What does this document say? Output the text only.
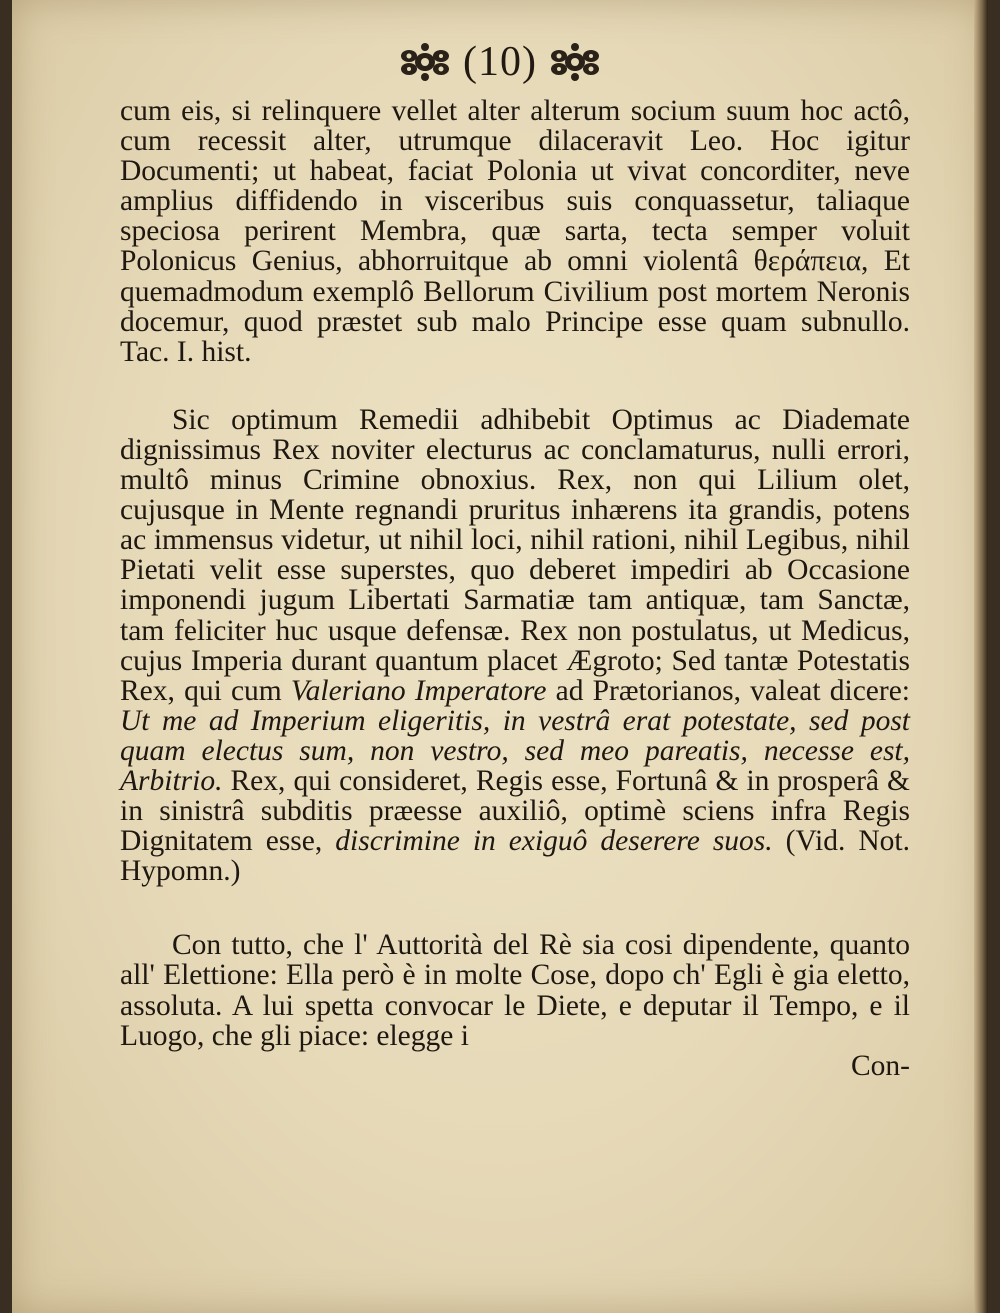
(10)

cum eis, si relinquere vellet alter alterum socium suum hoc actô, cum recessit alter, utrumque dilaceravit Leo. Hoc igitur Documenti; ut habeat, faciat Polonia ut vivat concorditer, neve amplius diffidendo in visceribus suis conquassetur, taliaque speciosa perirent Membra, quæ sarta, tecta semper voluit Polonicus Genius, abhorruitque ab omni violentâ θεράπεια, Et quemadmodum exemplô Bellorum Civilium post mortem Neronis docemur, quod præstet sub malo Principe esse quam subnullo. Tac. I. hist.

Sic optimum Remedii adhibebit Optimus ac Diademate dignissimus Rex noviter electurus ac conclamaturus, nulli errori, multô minus Crimine obnoxius. Rex, non qui Lilium olet, cujusque in Mente regnandi pruritus inhærens ita grandis, potens ac immensus videtur, ut nihil loci, nihil rationi, nihil Legibus, nihil Pietati velit esse superstes, quo deberet impediri ab Occasione imponendi jugum Libertati Sarmatiæ tam antiquæ, tam Sanctæ, tam feliciter huc usque defensæ. Rex non postulatus, ut Medicus, cujus Imperia durant quantum placet Ægroto; Sed tantæ Potestatis Rex, qui cum Valeriano Imperatore ad Prætorianos, valeat dicere: Ut me ad Imperium eligeritis, in vestrâ erat potestate, sed post quam electus sum, non vestro, sed meo pareatis, necesse est, Arbitrio. Rex, qui consideret, Regis esse, Fortunâ & in prosperâ & in sinistrâ subditis præesse auxiliô, optimè sciens infra Regis Dignitatem esse, discrimine in exiguô deserere suos. (Vid. Not. Hypomn.)

Con tutto, che l' Auttorità del Rè sia cosi dipendente, quanto all' Elettione: Ella però è in molte Cose, dopo ch' Egli è gia eletto, assoluta. A lui spetta convocar le Diete, e deputar il Tempo, e il Luogo, che gli piace: elegge i
Con-
